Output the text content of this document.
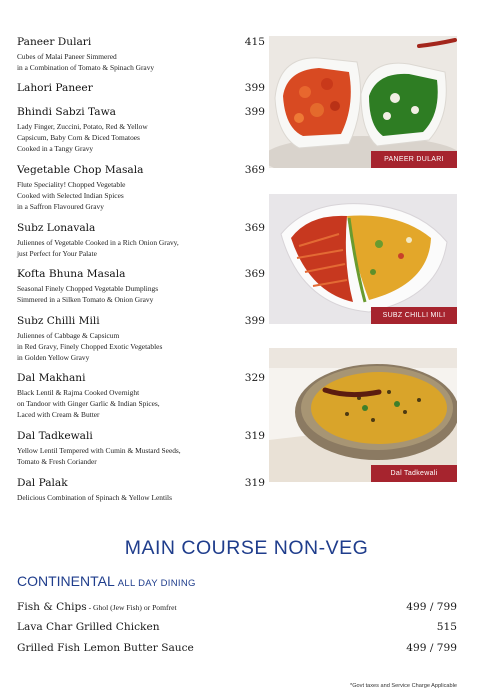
Paneer Dulari	415
Cubes of Malai Paneer Simmered
in a Combination of Tomato & Spinach Gravy
Lahori Paneer	399
Bhindi Sabzi Tawa	399
Lady Finger, Zuccini, Potato, Red & Yellow
Capsicum, Baby Corn & Diced Tomatoes
Cooked in a Tangy Gravy
Vegetable Chop Masala	369
Flute Speciality! Chopped Vegetable
Cooked with Selected Indian Spices
in a Saffron Flavoured Gravy
Subz Lonavala	369
Juliennes of Vegetable Cooked in a Rich Onion Gravy,
just Perfect for Your Palate
Kofta Bhuna Masala	369
Seasonal Finely Chopped Vegetable Dumplings
Simmered in a Silken Tomato & Onion Gravy
Subz Chilli Mili	399
Juliennes of Cabbage & Capsicum
in Red Gravy, Finely Chopped Exotic Vegetables
in Golden Yellow Gravy
Dal Makhani	329
Black Lentil & Rajma Cooked Overnight
on Tandoor with Ginger Garlic & Indian Spices,
Laced with Cream & Butter
Dal Tadkewali	319
Yellow Lentil Tempered with Cumin & Mustard Seeds,
Tomato & Fresh Coriander
Dal Palak	319
Delicious Combination of Spinach & Yellow Lentils
PANEER DULARI
SUBZ CHILLI MILI
Dal Tadkewali
MAIN COURSE NON-VEG
CONTINENTAL ALL DAY DINING
Fish & Chips - Ghol (Jew Fish) or Pomfret	499 / 799
Lava Char Grilled Chicken	515
Grilled Fish Lemon Butter Sauce	499 / 799
*Govt taxes and Service Charge Applicable
